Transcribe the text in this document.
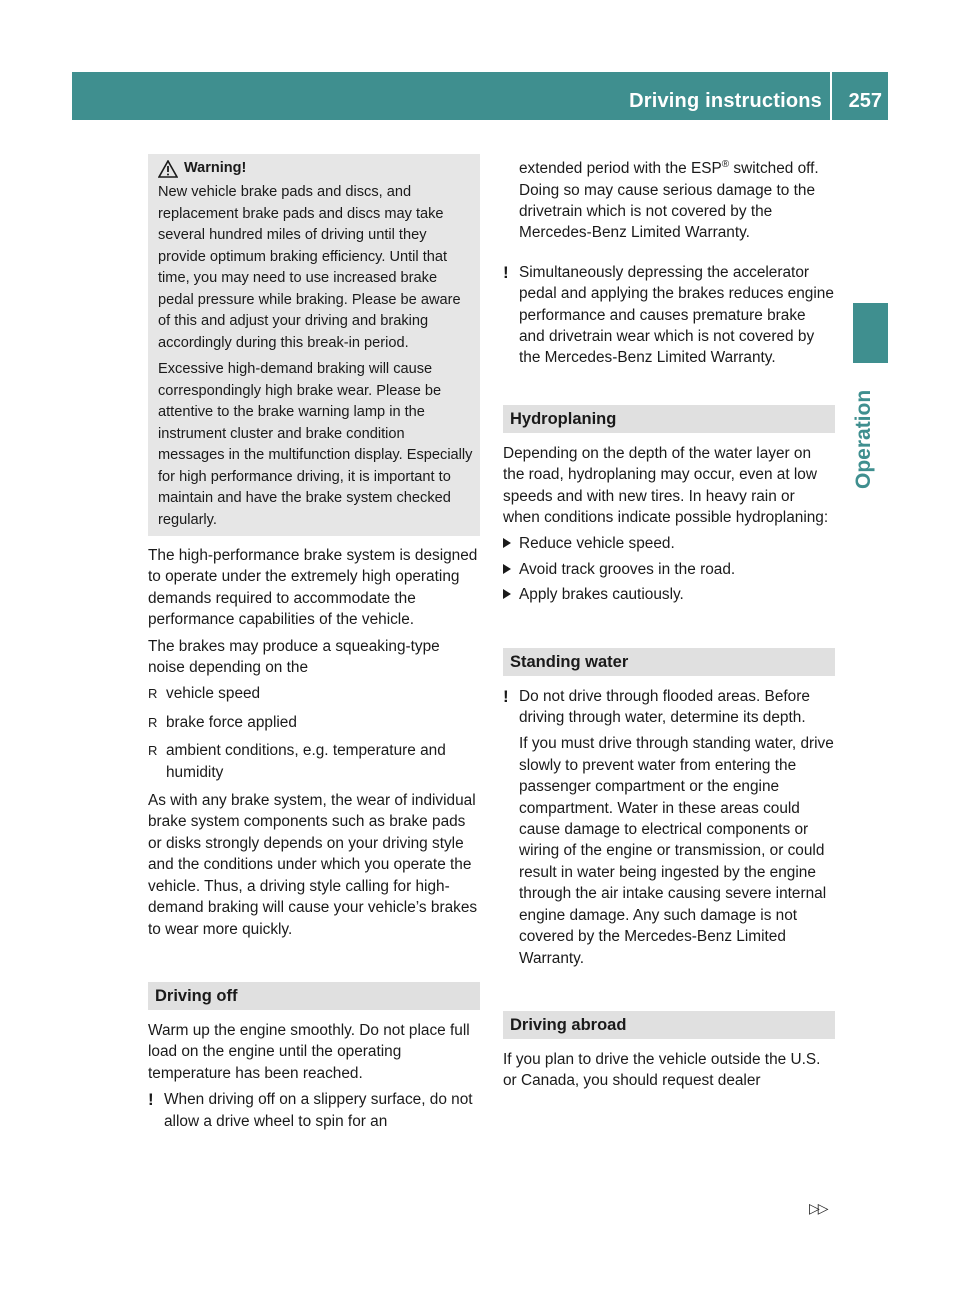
Driving instructions 257
Operation
Warning!

New vehicle brake pads and discs, and replacement brake pads and discs may take several hundred miles of driving until they provide optimum braking efficiency. Until that time, you may need to use increased brake pedal pressure while braking. Please be aware of this and adjust your driving and braking accordingly during this break-in period.

Excessive high-demand braking will cause correspondingly high brake wear. Please be attentive to the brake warning lamp in the instrument cluster and brake condition messages in the multifunction display. Especially for high performance driving, it is important to maintain and have the brake system checked regularly.

The high-performance brake system is designed to operate under the extremely high operating demands required to accommodate the performance capabilities of the vehicle.

The brakes may produce a squeaking-type noise depending on the

R vehicle speed
R brake force applied
R ambient conditions, e.g. temperature and humidity

As with any brake system, the wear of individual brake system components such as brake pads or disks strongly depends on your driving style and the conditions under which you operate the vehicle. Thus, a driving style calling for high-demand braking will cause your vehicle’s brakes to wear more quickly.

Driving off

Warm up the engine smoothly. Do not place full load on the engine until the operating temperature has been reached.

! When driving off on a slippery surface, do not allow a drive wheel to spin for an

extended period with the ESP® switched off. Doing so may cause serious damage to the drivetrain which is not covered by the Mercedes-Benz Limited Warranty.

! Simultaneously depressing the accelerator pedal and applying the brakes reduces engine performance and causes premature brake and drivetrain wear which is not covered by the Mercedes-Benz Limited Warranty.

Hydroplaning

Depending on the depth of the water layer on the road, hydroplaning may occur, even at low speeds and with new tires. In heavy rain or when conditions indicate possible hydroplaning:

Reduce vehicle speed.
Avoid track grooves in the road.
Apply brakes cautiously.
Standing water
! Do not drive through flooded areas. Before driving through water, determine its depth.

If you must drive through standing water, drive slowly to prevent water from entering the passenger compartment or the engine compartment. Water in these areas could cause damage to electrical components or wiring of the engine or transmission, or could result in water being ingested by the engine through the air intake causing severe internal engine damage. Any such damage is not covered by the Mercedes-Benz Limited Warranty.

Driving abroad

If you plan to drive the vehicle outside the U.S. or Canada, you should request dealer

▷▷
